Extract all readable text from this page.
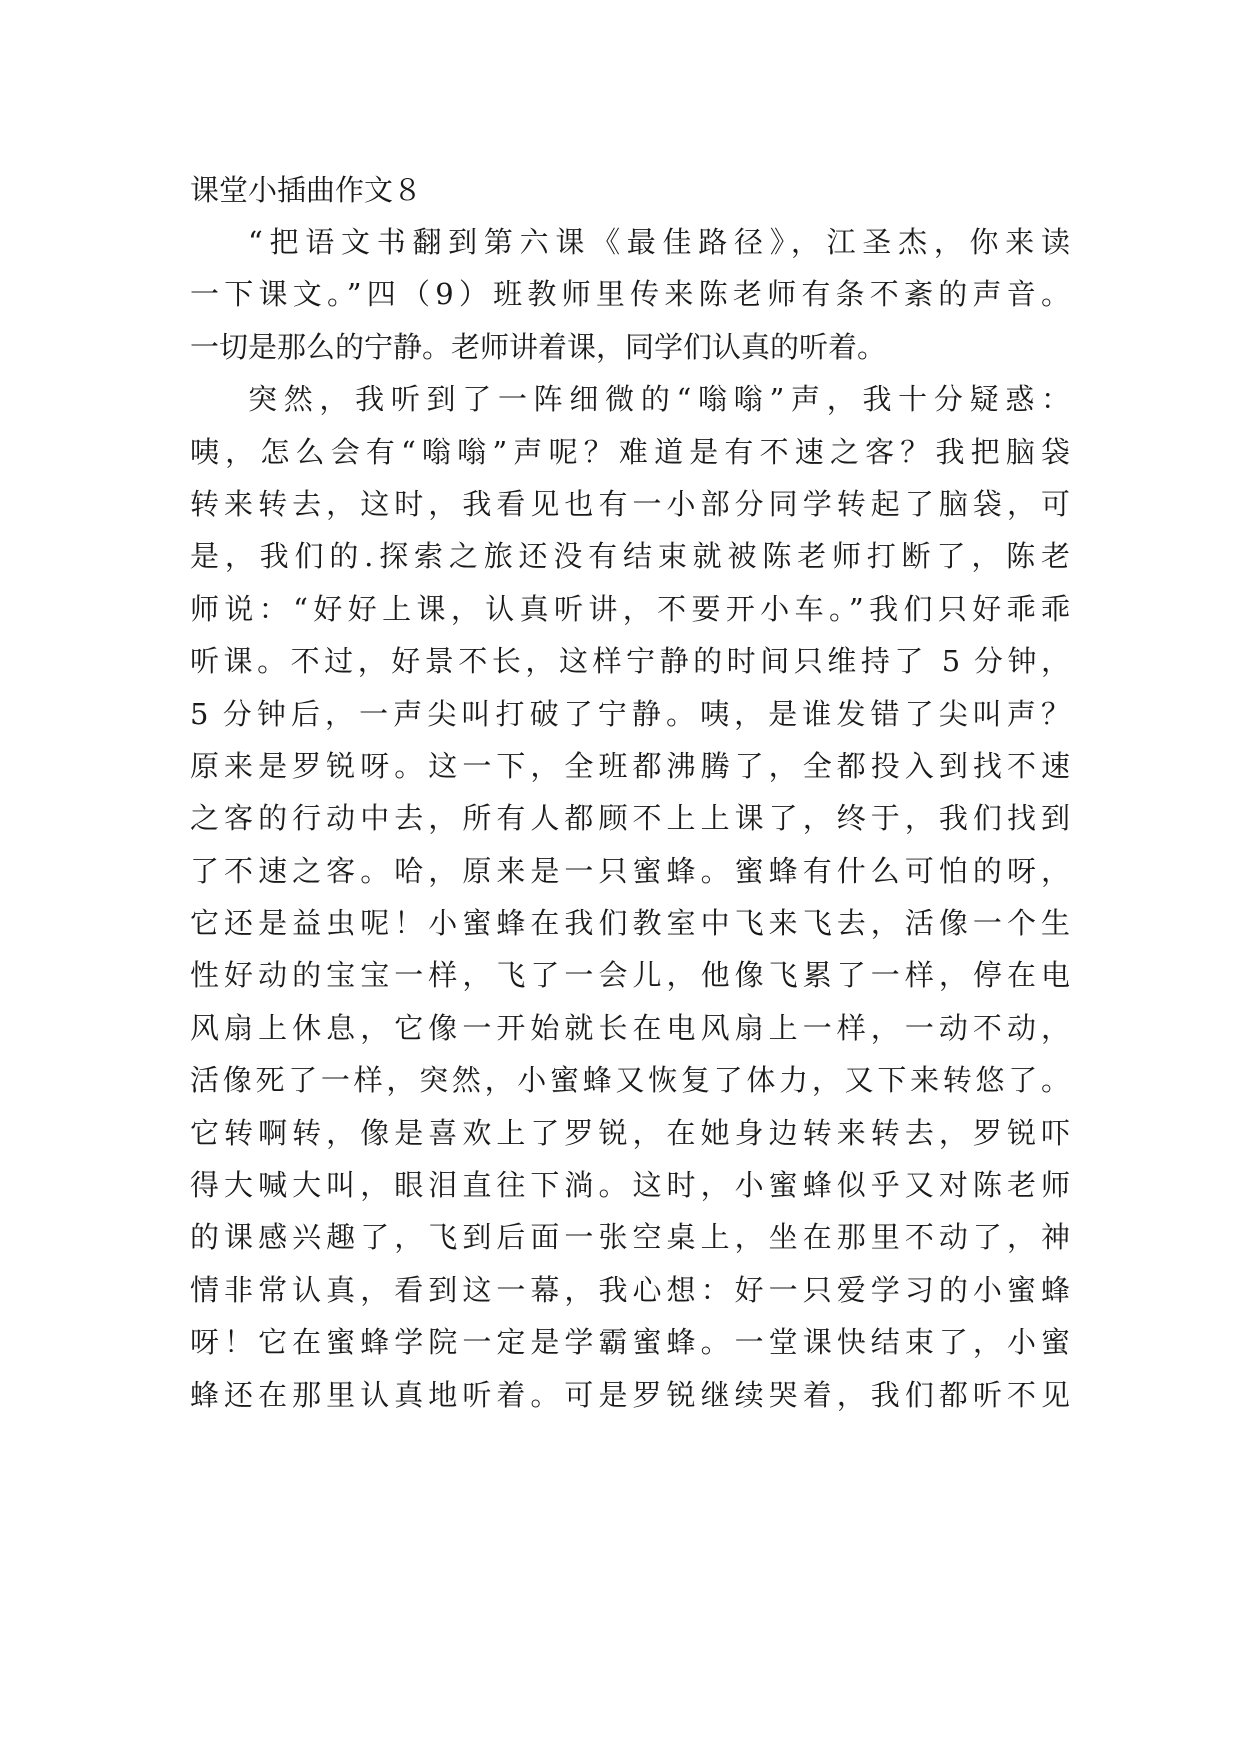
课堂小插曲作文８
“把语文书翻到第六课《最佳路径》，江圣杰，你来读
一下课文。”四（9）班教师里传来陈老师有条不紊的声音。
一切是那么的宁静。老师讲着课，同学们认真的听着。
突然，我听到了一阵细微的“嗡嗡”声，我十分疑惑：
咦，怎么会有“嗡嗡”声呢？难道是有不速之客？我把脑袋
转来转去，这时，我看见也有一小部分同学转起了脑袋，可
是，我们的.探索之旅还没有结束就被陈老师打断了，陈老
师说：“好好上课，认真听讲，不要开小车。”我们只好乖乖
听课。不过，好景不长，这样宁静的时间只维持了 5 分钟，
5 分钟后，一声尖叫打破了宁静。咦，是谁发错了尖叫声？
原来是罗锐呀。这一下，全班都沸腾了，全都投入到找不速
之客的行动中去，所有人都顾不上上课了，终于，我们找到
了不速之客。哈，原来是一只蜜蜂。蜜蜂有什么可怕的呀，
它还是益虫呢！小蜜蜂在我们教室中飞来飞去，活像一个生
性好动的宝宝一样，飞了一会儿，他像飞累了一样，停在电
风扇上休息，它像一开始就长在电风扇上一样，一动不动，
活像死了一样，突然，小蜜蜂又恢复了体力，又下来转悠了。
它转啊转，像是喜欢上了罗锐，在她身边转来转去，罗锐吓
得大喊大叫，眼泪直往下淌。这时，小蜜蜂似乎又对陈老师
的课感兴趣了，飞到后面一张空桌上，坐在那里不动了，神
情非常认真，看到这一幕，我心想：好一只爱学习的小蜜蜂
呀！它在蜜蜂学院一定是学霸蜜蜂。一堂课快结束了，小蜜
蜂还在那里认真地听着。可是罗锐继续哭着，我们都听不见
